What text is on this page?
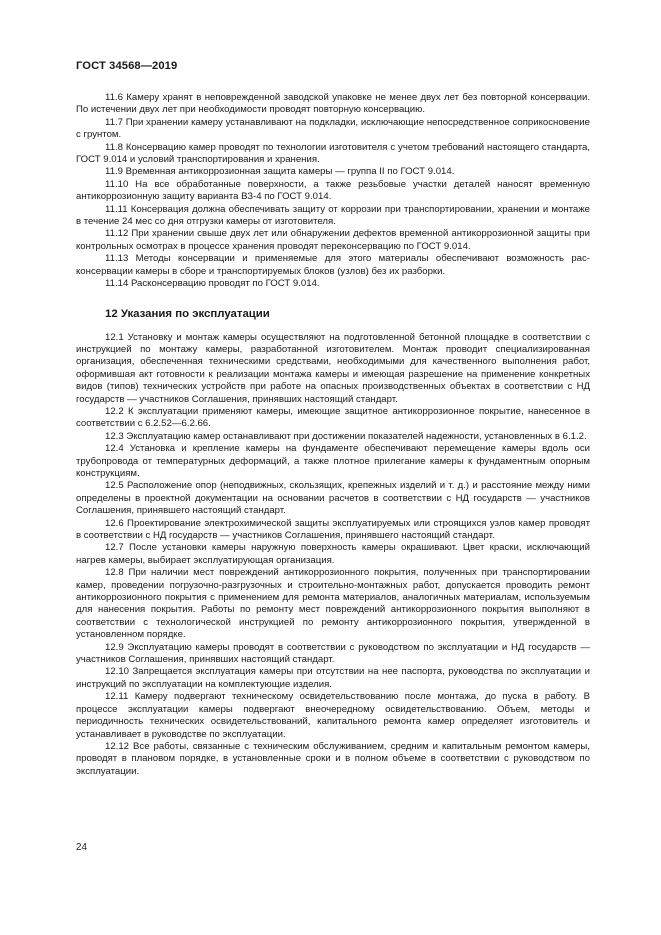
ГОСТ 34568—2019

11.6 Камеру хранят в неповрежденной заводской упаковке не менее двух лет без повторной консервации. По истечении двух лет при необходимости проводят повторную консервацию.

11.7 При хранении камеру устанавливают на подкладки, исключающие непосредственное соприкосновение с грунтом.

11.8 Консервацию камер проводят по технологии изготовителя с учетом требований настоящего стандарта, ГОСТ 9.014 и условий транспортирования и хранения.

11.9 Временная антикоррозионная защита камеры — группа II по ГОСТ 9.014.

11.10 На все обработанные поверхности, а также резьбовые участки деталей наносят временную антикоррозионную защиту варианта ВЗ-4 по ГОСТ 9.014.

11.11 Консервация должна обеспечивать защиту от коррозии при транспортировании, хранении и монтаже в течение 24 мес со дня отгрузки камеры от изготовителя.

11.12 При хранении свыше двух лет или обнаружении дефектов временной антикоррозионной защиты при контрольных осмотрах в процессе хранения проводят переконсервацию по ГОСТ 9.014.

11.13 Методы консервации и применяемые для этого материалы обеспечивают возможность расконсервации камеры в сборе и транспортируемых блоков (узлов) без их разборки.

11.14 Расконсервацию проводят по ГОСТ 9.014.

12 Указания по эксплуатации

12.1 Установку и монтаж камеры осуществляют на подготовленной бетонной площадке в соответствии с инструкцией по монтажу камеры, разработанной изготовителем. Монтаж проводит специализированная организация, обеспеченная техническими средствами, необходимыми для качественного выполнения работ, оформившая акт готовности к реализации монтажа камеры и имеющая разрешение на применение конкретных видов (типов) технических устройств при работе на опасных производственных объектах в соответствии с НД государств — участников Соглашения, принявших настоящий стандарт.

12.2 К эксплуатации применяют камеры, имеющие защитное антикоррозионное покрытие, нанесенное в соответствии с 6.2.52—6.2.66.

12.3 Эксплуатацию камер останавливают при достижении показателей надежности, установленных в 6.1.2.

12.4 Установка и крепление камеры на фундаменте обеспечивают перемещение камеры вдоль оси трубопровода от температурных деформаций, а также плотное прилегание камеры к фундаментным опорным конструкциям.

12.5 Расположение опор (неподвижных, скользящих, крепежных изделий и т. д.) и расстояние между ними определены в проектной документации на основании расчетов в соответствии с НД государств — участников Соглашения, принявшего настоящий стандарт.

12.6 Проектирование электрохимической защиты эксплуатируемых или строящихся узлов камер проводят в соответствии с НД государств — участников Соглашения, принявшего настоящий стандарт.

12.7 После установки камеры наружную поверхность камеры окрашивают. Цвет краски, исключающий нагрев камеры, выбирает эксплуатирующая организация.

12.8 При наличии мест повреждений антикоррозионного покрытия, полученных при транспортировании камер, проведении погрузочно-разгрузочных и строительно-монтажных работ, допускается проводить ремонт антикоррозионного покрытия с применением для ремонта материалов, аналогичных материалам, используемым для нанесения покрытия. Работы по ремонту мест повреждений антикоррозионного покрытия выполняют в соответствии с технологической инструкцией по ремонту антикоррозионного покрытия, утвержденной в установленном порядке.

12.9 Эксплуатацию камеры проводят в соответствии с руководством по эксплуатации и НД государств — участников Соглашения, принявших настоящий стандарт.

12.10 Запрещается эксплуатация камеры при отсутствии на нее паспорта, руководства по эксплуатации и инструкций по эксплуатации на комплектующие изделия.

12.11 Камеру подвергают техническому освидетельствованию после монтажа, до пуска в работу. В процессе эксплуатации камеры подвергают внеочередному освидетельствованию. Объем, методы и периодичность технических освидетельствований, капитального ремонта камер определяет изготовитель и устанавливает в руководстве по эксплуатации.

12.12 Все работы, связанные с техническим обслуживанием, средним и капитальным ремонтом камеры, проводят в плановом порядке, в установленные сроки и в полном объеме в соответствии с руководством по эксплуатации.

24
